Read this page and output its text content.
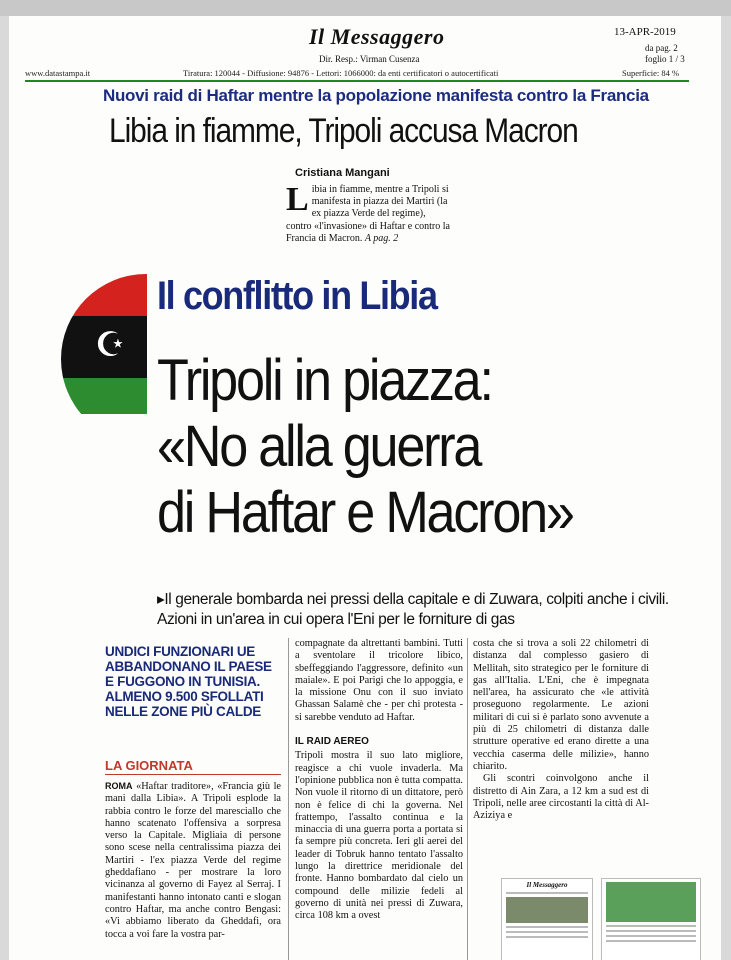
Il Messaggero	13-APR-2019
da pag. 2
foglio 1 / 3
Dir. Resp.: Virman Cusenza
www.datastampa.it	Tiratura: 120044 - Diffusione: 94876 - Lettori: 1066000: da enti certificatori o autocertificati	Superficie: 84 %
Nuovi raid di Haftar mentre la popolazione manifesta contro la Francia
Libia in fiamme, Tripoli accusa Macron
Cristiana Mangani
Libia in fiamme, mentre a Tripoli si manifesta in piazza dei Martiri (la ex piazza Verde del regime), contro «l'invasione» di Haftar e contro la Francia di Macron. A pag. 2
☪
Il conflitto in Libia
Tripoli in piazza:
«No alla guerra
di Haftar e Macron»
▸Il generale bombarda nei pressi della capitale e di Zuwara, colpiti anche i civili. Azioni in un'area in cui opera l'Eni per le forniture di gas
UNDICI FUNZIONARI UE ABBANDONANO IL PAESE E FUGGONO IN TUNISIA. ALMENO 9.500 SFOLLATI NELLE ZONE PIÙ CALDE
LA GIORNATA
ROMA «Haftar traditore», «Francia giù le mani dalla Libia». A Tripoli esplode la rabbia contro le forze del maresciallo che hanno scatenato l'offensiva a sorpresa verso la Capitale. Migliaia di persone sono scese nella centralissima piazza dei Martiri - l'ex piazza Verde del regime gheddafiano - per mostrare la loro vicinanza al governo di Fayez al Serraj. I manifestanti hanno intonato canti e slogan contro Haftar, ma anche contro Bengasi: «Vi abbiamo liberato da Gheddafi, ora tocca a voi fare la vostra par-
compagnate da altrettanti bambini. Tutti a sventolare il tricolore libico, sbeffeggiando l'aggressore, definito «un maiale». E poi Parigi che lo appoggia, e la missione Onu con il suo inviato Ghassan Salamè che - per chi protesta - si sarebbe venduto ad Haftar.
IL RAID AEREO
Tripoli mostra il suo lato migliore, reagisce a chi vuole invaderla. Ma l'opinione pubblica non è tutta compatta. Non vuole il ritorno di un dittatore, però non è felice di chi la governa. Nel frattempo, l'assalto continua e la minaccia di una guerra porta a portata si fa sempre più concreta. Ieri gli aerei del leader di Tobruk hanno tentato l'assalto lungo la direttrice meridionale del fronte. Hanno bombardato dal cielo un compound delle milizie fedeli al governo di unità nei pressi di Zuwara, circa 108 km a ovest
costa che si trova a soli 22 chilometri di distanza dal complesso gasiero di Mellitah, sito strategico per le forniture di gas all'Italia. L'Eni, che è impegnata nell'area, ha assicurato che «le attività proseguono regolarmente. Le azioni militari di cui si è parlato sono avvenute a più di 25 chilometri di distanza dalle strutture operative ed erano dirette a una vecchia caserma delle milizie», hanno chiarito.
Gli scontri coinvolgono anche il distretto di Ain Zara, a 12 km a sud est di Tripoli, nelle aree circostanti la città di Al-Aziziya e
Il Messaggero
